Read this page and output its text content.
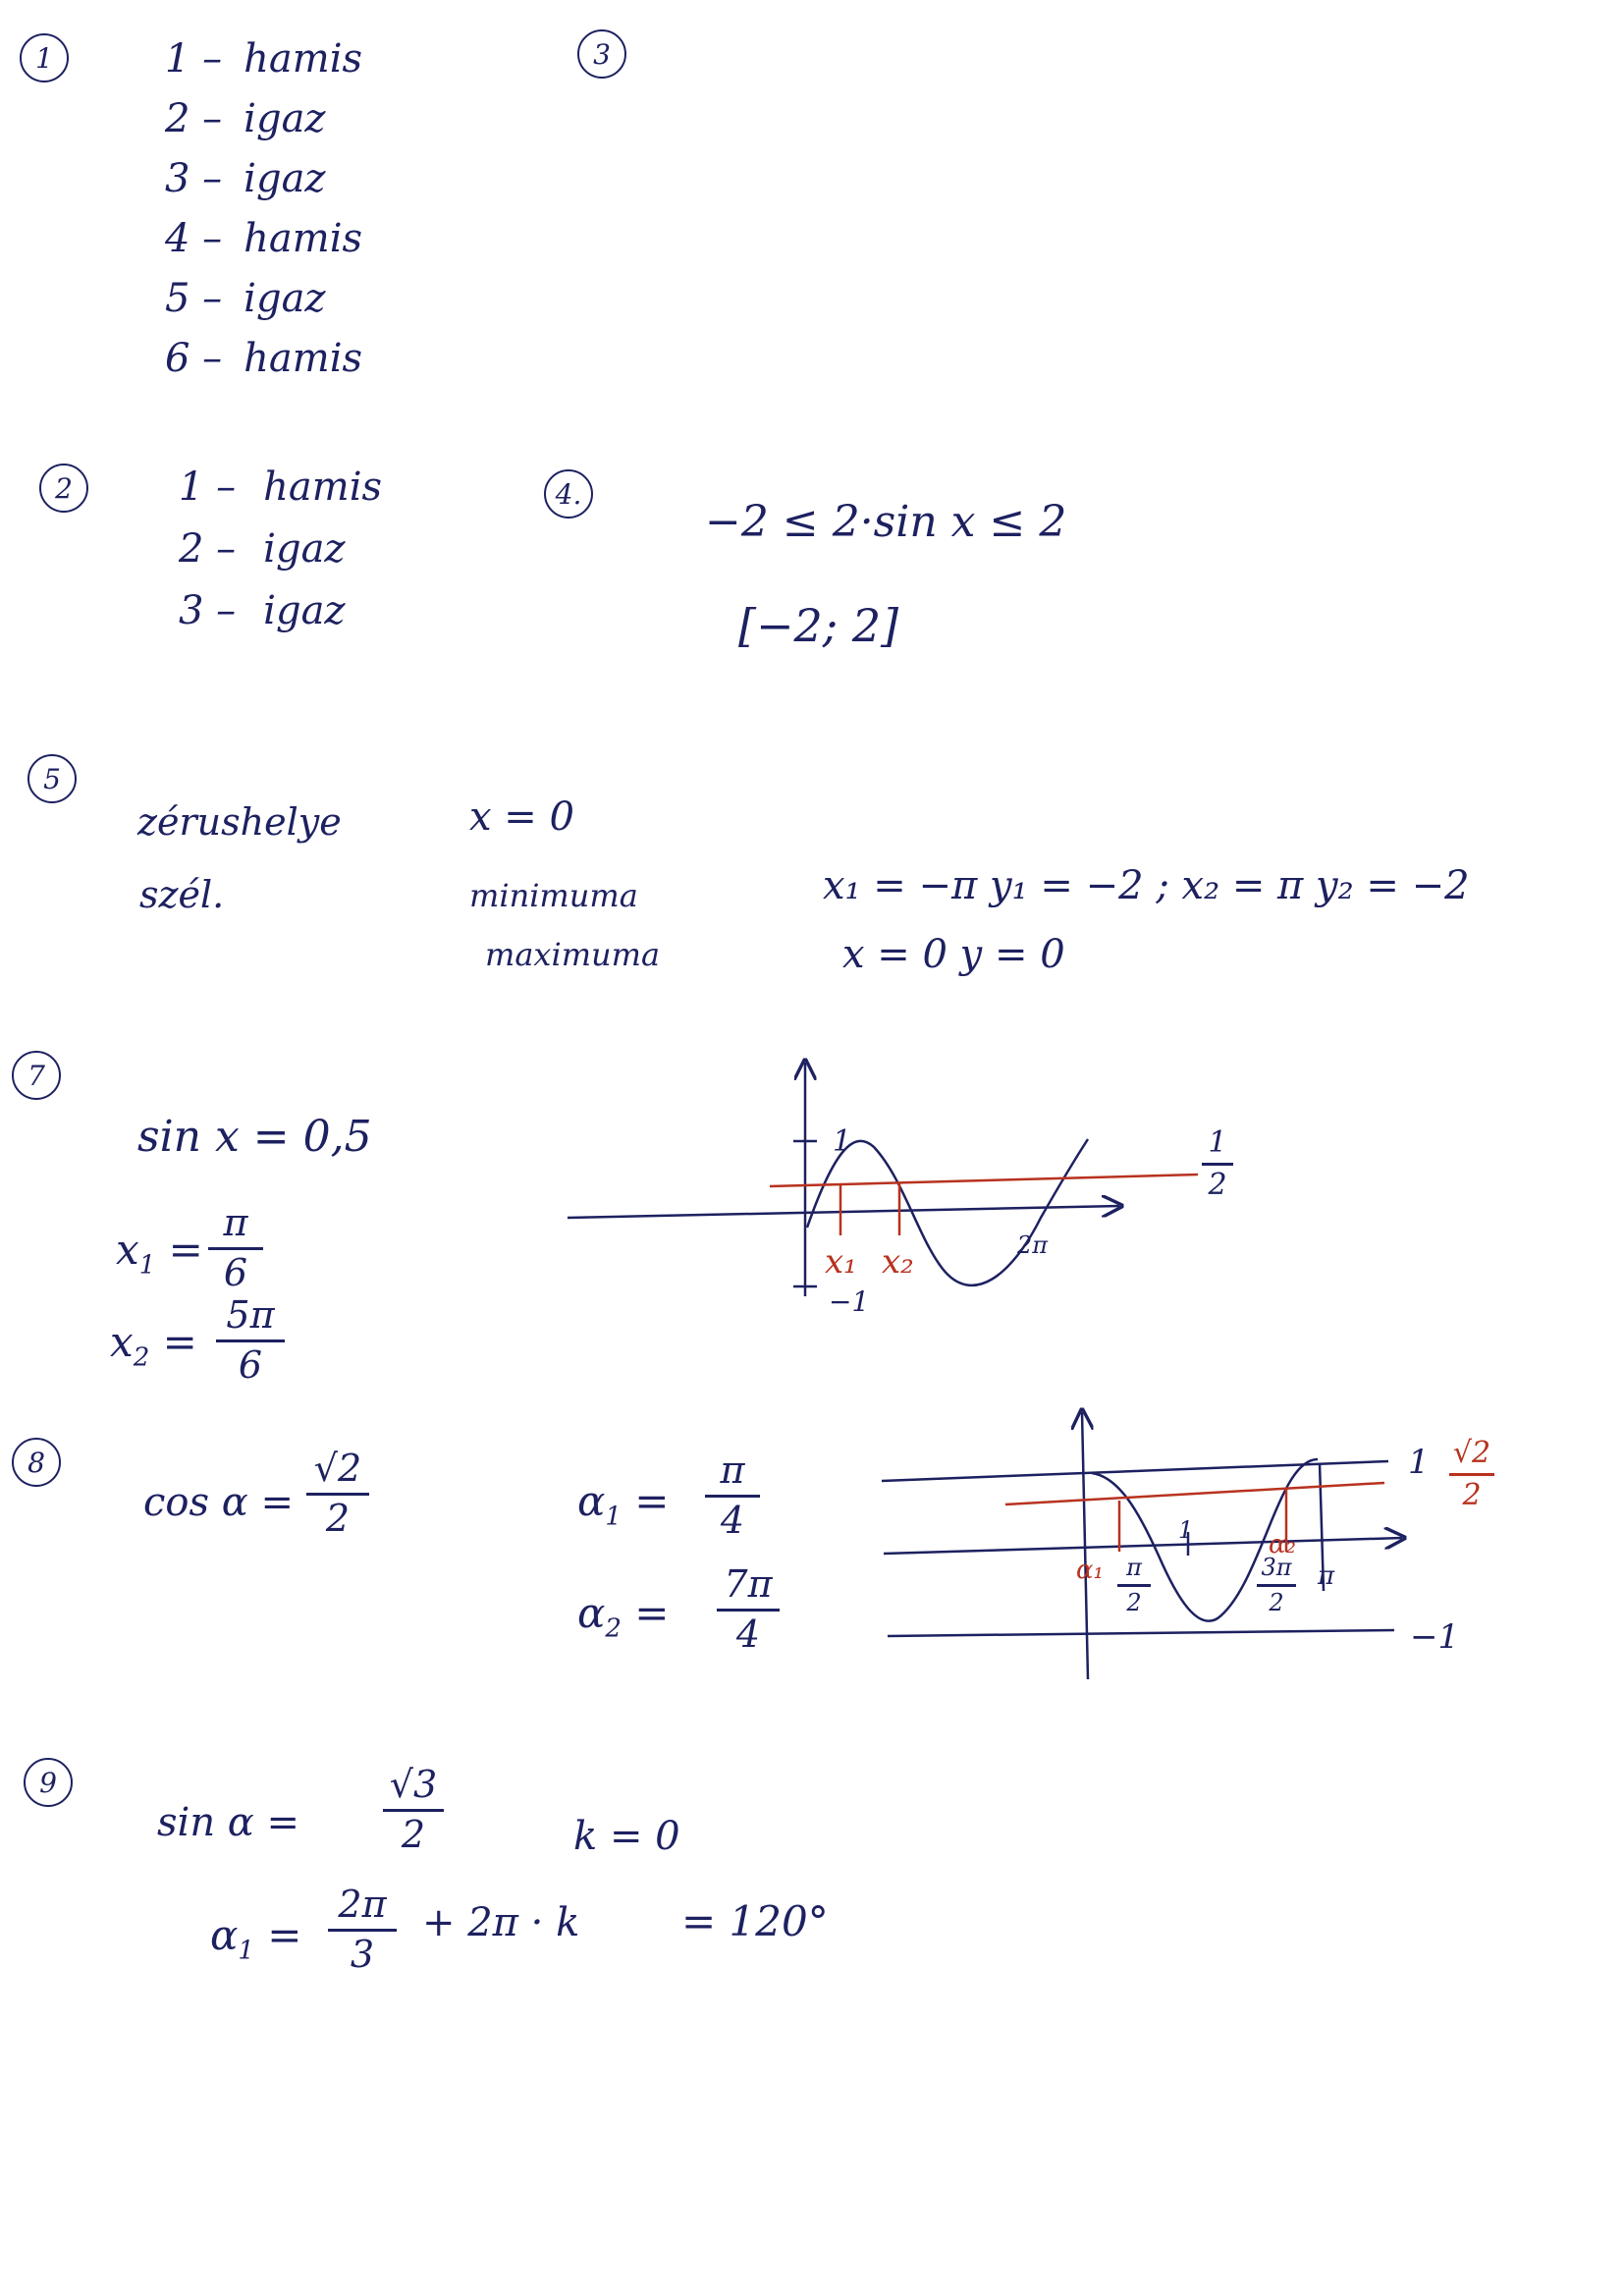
1	1 – hamis
2 – igaz
3 – igaz
4 – hamis
5 – igaz
6 – hamis
3
2	1 – hamis
2 – igaz
3 – igaz
4.
−2 ≤ 2·sin x ≤ 2
[−2; 2]
5
zérushelye
szél.
x = 0
minimuma
maximuma
x₁ = −π y₁ = −2 ; x₂ = π y₂ = −2
x = 0 y = 0
7
sin x = 0,5
$x_1$ =
π
6
$x_2$ =
5π
6
8
cos α =
√2
2	$\alpha_1$ =
π
4
$\alpha_2$ =
7π
4
9
sin α =
√3
2	k = 0
$\alpha_1$ =
2π
3
+ 2π · k = 120°
1
−1
1
2
x₁ x₂	2π
1
−1
√2
2
α₁
α₂
π
2
3π
2
π
1
